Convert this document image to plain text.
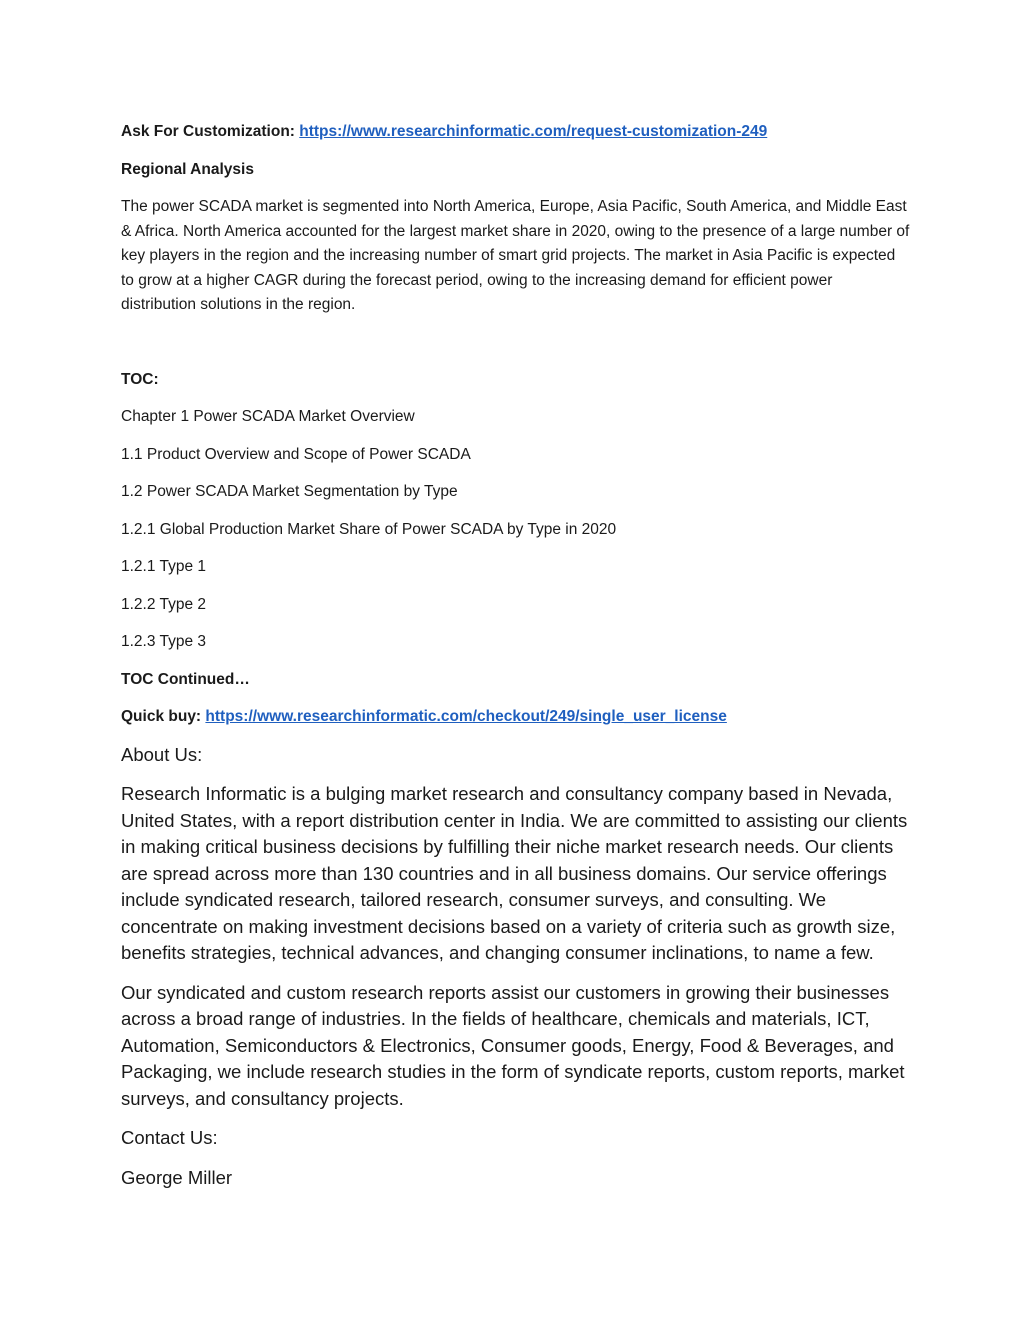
Ask For Customization: https://www.researchinformatic.com/request-customization-249

Regional Analysis

The power SCADA market is segmented into North America, Europe, Asia Pacific, South America, and Middle East & Africa. North America accounted for the largest market share in 2020, owing to the presence of a large number of key players in the region and the increasing number of smart grid projects. The market in Asia Pacific is expected to grow at a higher CAGR during the forecast period, owing to the increasing demand for efficient power distribution solutions in the region.

TOC:

Chapter 1 Power SCADA Market Overview

1.1 Product Overview and Scope of Power SCADA

1.2 Power SCADA Market Segmentation by Type

1.2.1 Global Production Market Share of Power SCADA by Type in 2020

1.2.1 Type 1

1.2.2 Type 2

1.2.3 Type 3

TOC Continued…

Quick buy: https://www.researchinformatic.com/checkout/249/single_user_license

About Us:

Research Informatic is a bulging market research and consultancy company based in Nevada, United States, with a report distribution center in India. We are committed to assisting our clients in making critical business decisions by fulfilling their niche market research needs. Our clients are spread across more than 130 countries and in all business domains. Our service offerings include syndicated research, tailored research, consumer surveys, and consulting. We concentrate on making investment decisions based on a variety of criteria such as growth size, benefits strategies, technical advances, and changing consumer inclinations, to name a few.

Our syndicated and custom research reports assist our customers in growing their businesses across a broad range of industries. In the fields of healthcare, chemicals and materials, ICT, Automation, Semiconductors & Electronics, Consumer goods, Energy, Food & Beverages, and Packaging, we include research studies in the form of syndicate reports, custom reports, market surveys, and consultancy projects.

Contact Us:

George Miller
